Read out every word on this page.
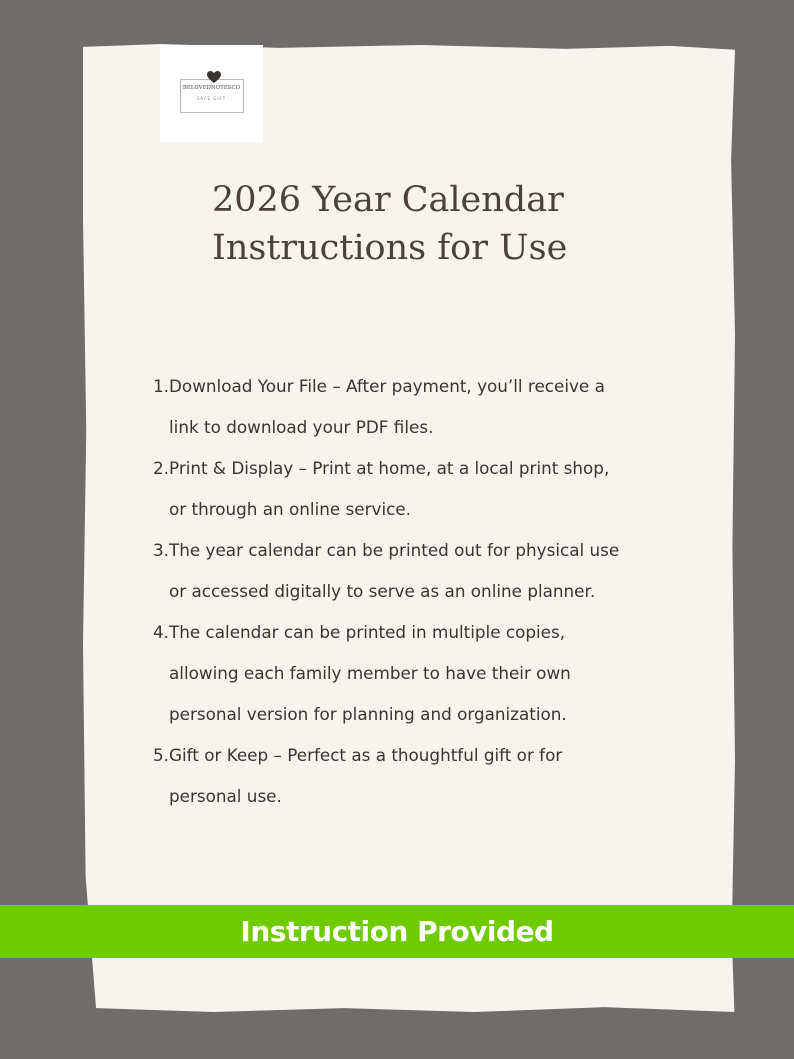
BELOVEDNOTESCO
SAFE GIFT
2026 Year Calendar
Instructions for Use
1. Download Your File – After payment, you’ll receive a
link to download your PDF files.
2. Print & Display – Print at home, at a local print shop,
or through an online service.
3. The year calendar can be printed out for physical use
or accessed digitally to serve as an online planner.
4. The calendar can be printed in multiple copies,
allowing each family member to have their own
personal version for planning and organization.
5. Gift or Keep – Perfect as a thoughtful gift or for
personal use.
Instruction Provided
